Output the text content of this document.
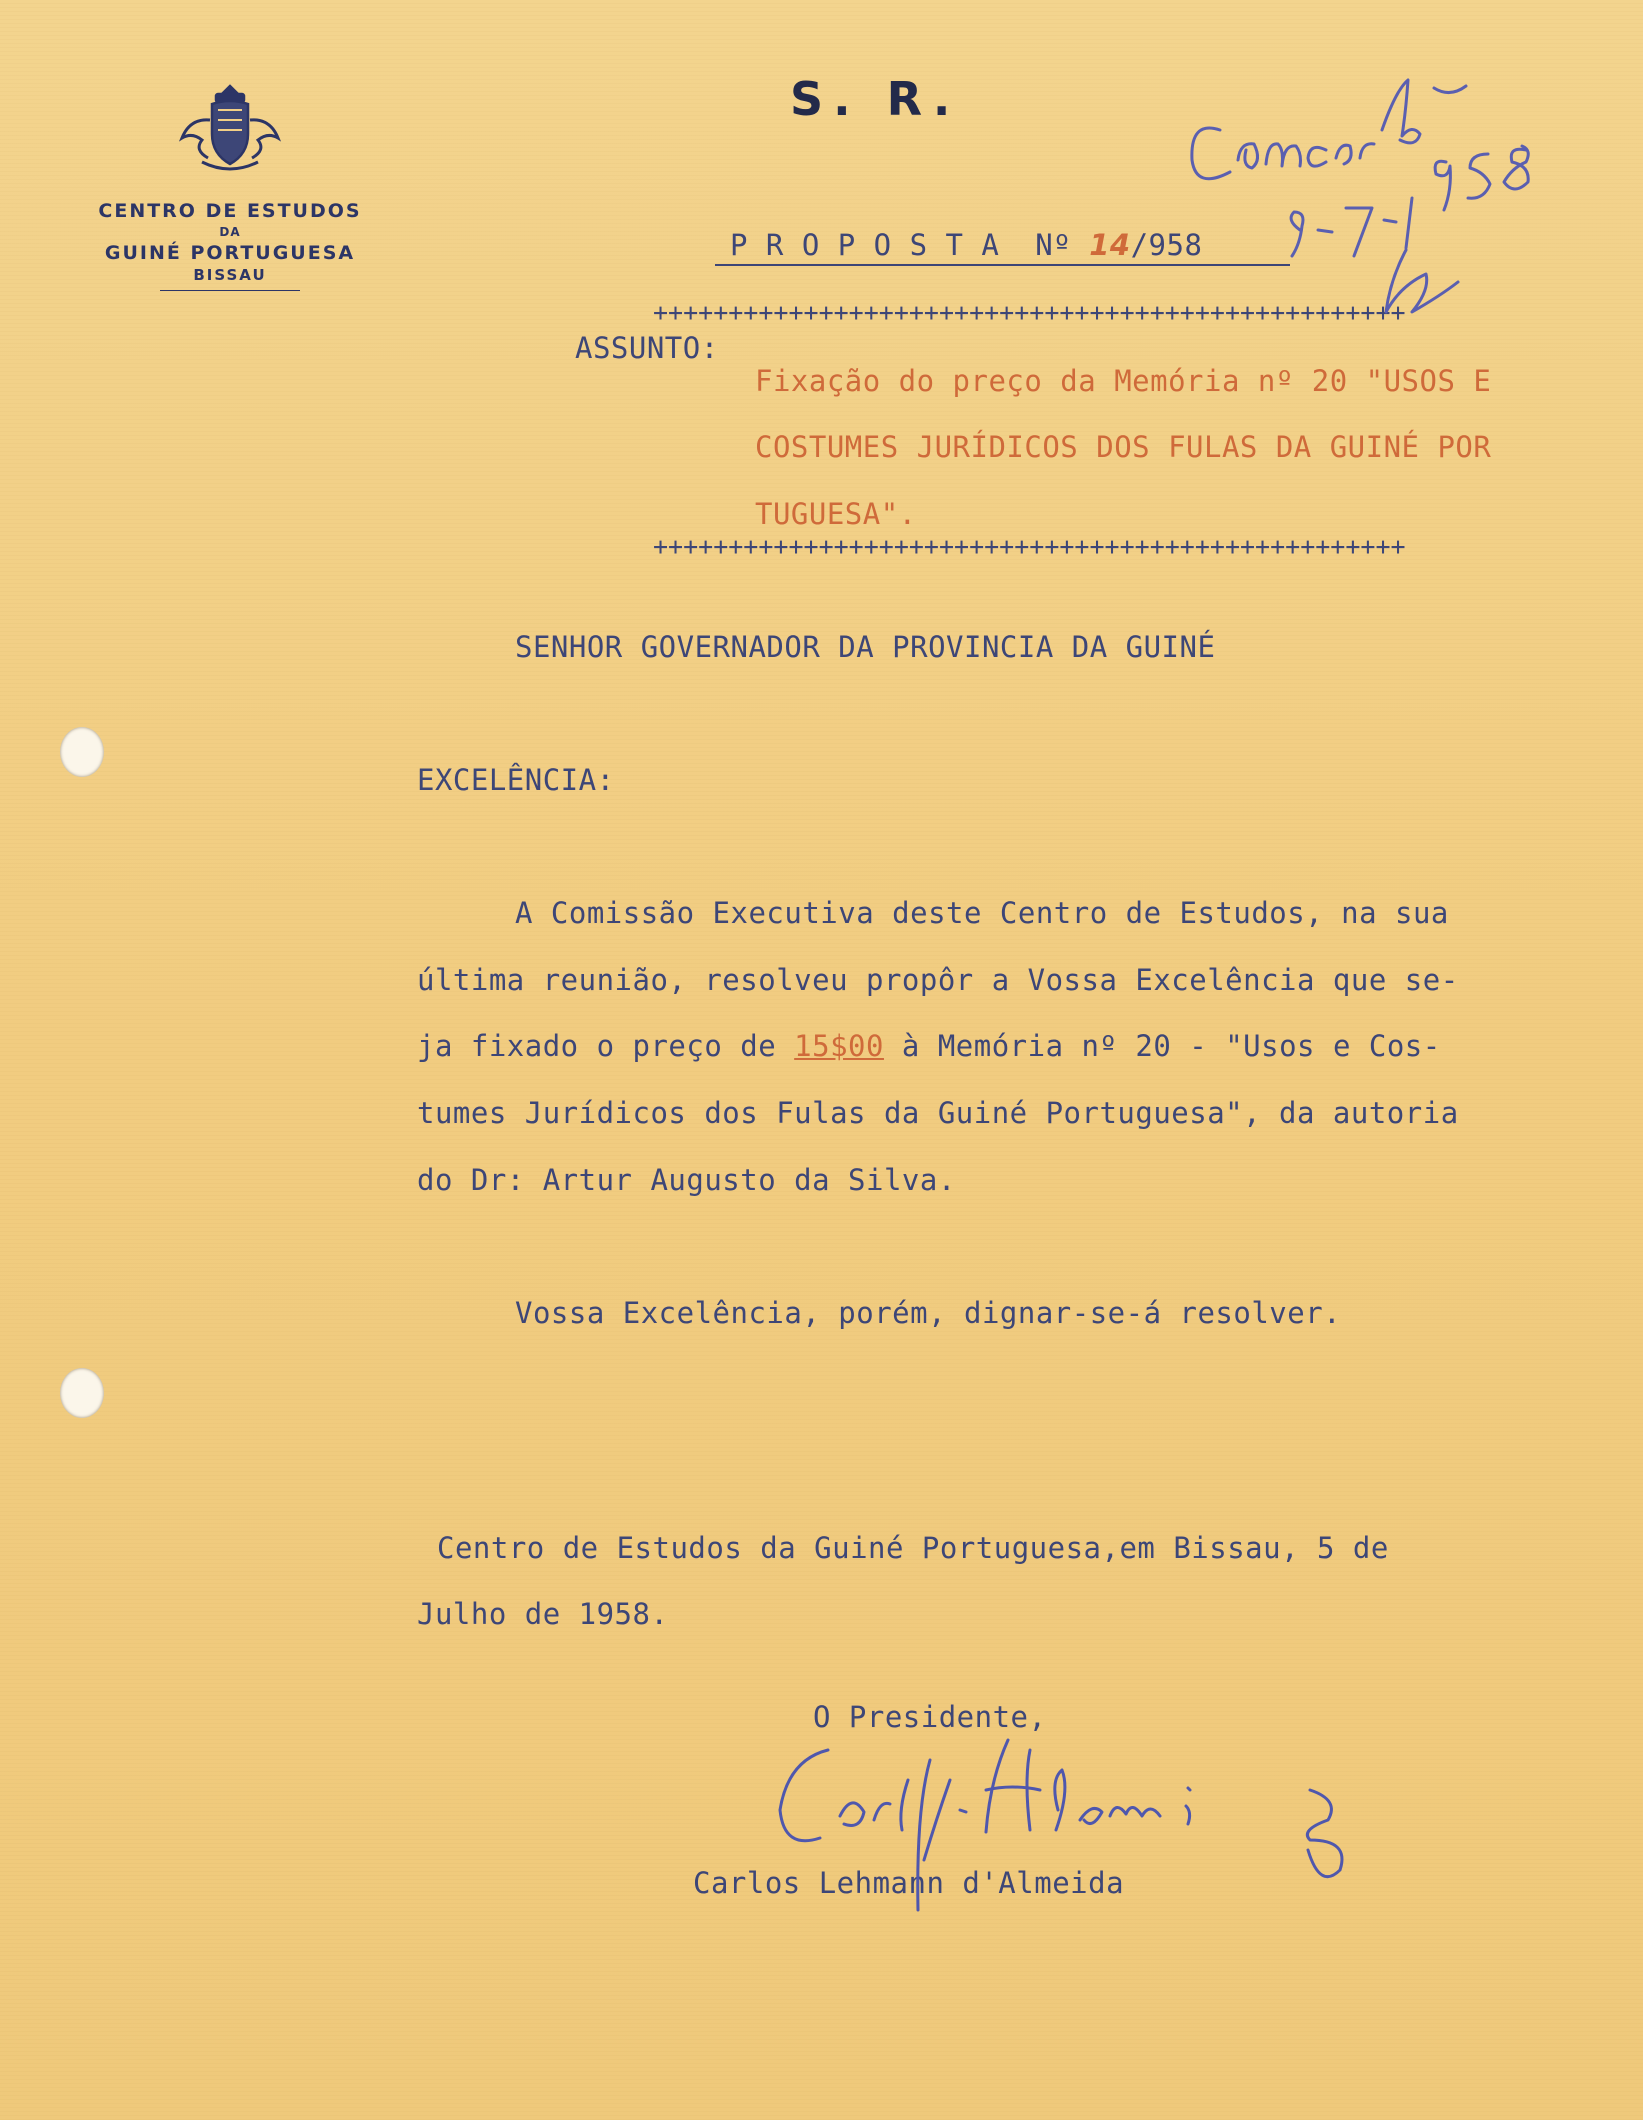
CENTRO DE ESTUDOS
DA
GUINÉ PORTUGUESA
BISSAU
S. R.
P R O P O S T A  Nº 14/958
++++++++++++++++++++++++++++++++++++++++++++++++++
ASSUNTO:
Fixação do preço da Memória nº 20 "USOS E
COSTUMES JURÍDICOS DOS FULAS DA GUINÉ POR
TUGUESA".
++++++++++++++++++++++++++++++++++++++++++++++++++
SENHOR GOVERNADOR DA PROVINCIA DA GUINÉ
EXCELÊNCIA:
A Comissão Executiva deste Centro de Estudos, na sua
última reunião, resolveu propôr a Vossa Excelência que se-
ja fixado o preço de 15$00 à Memória nº 20 - "Usos e Cos-
tumes Jurídicos dos Fulas da Guiné Portuguesa", da autoria
do Dr: Artur Augusto da Silva.
Vossa Excelência, porém, dignar-se-á resolver.
Centro de Estudos da Guiné Portuguesa,em Bissau, 5 de
Julho de 1958.
O Presidente,
Carlos Lehmann d'Almeida
